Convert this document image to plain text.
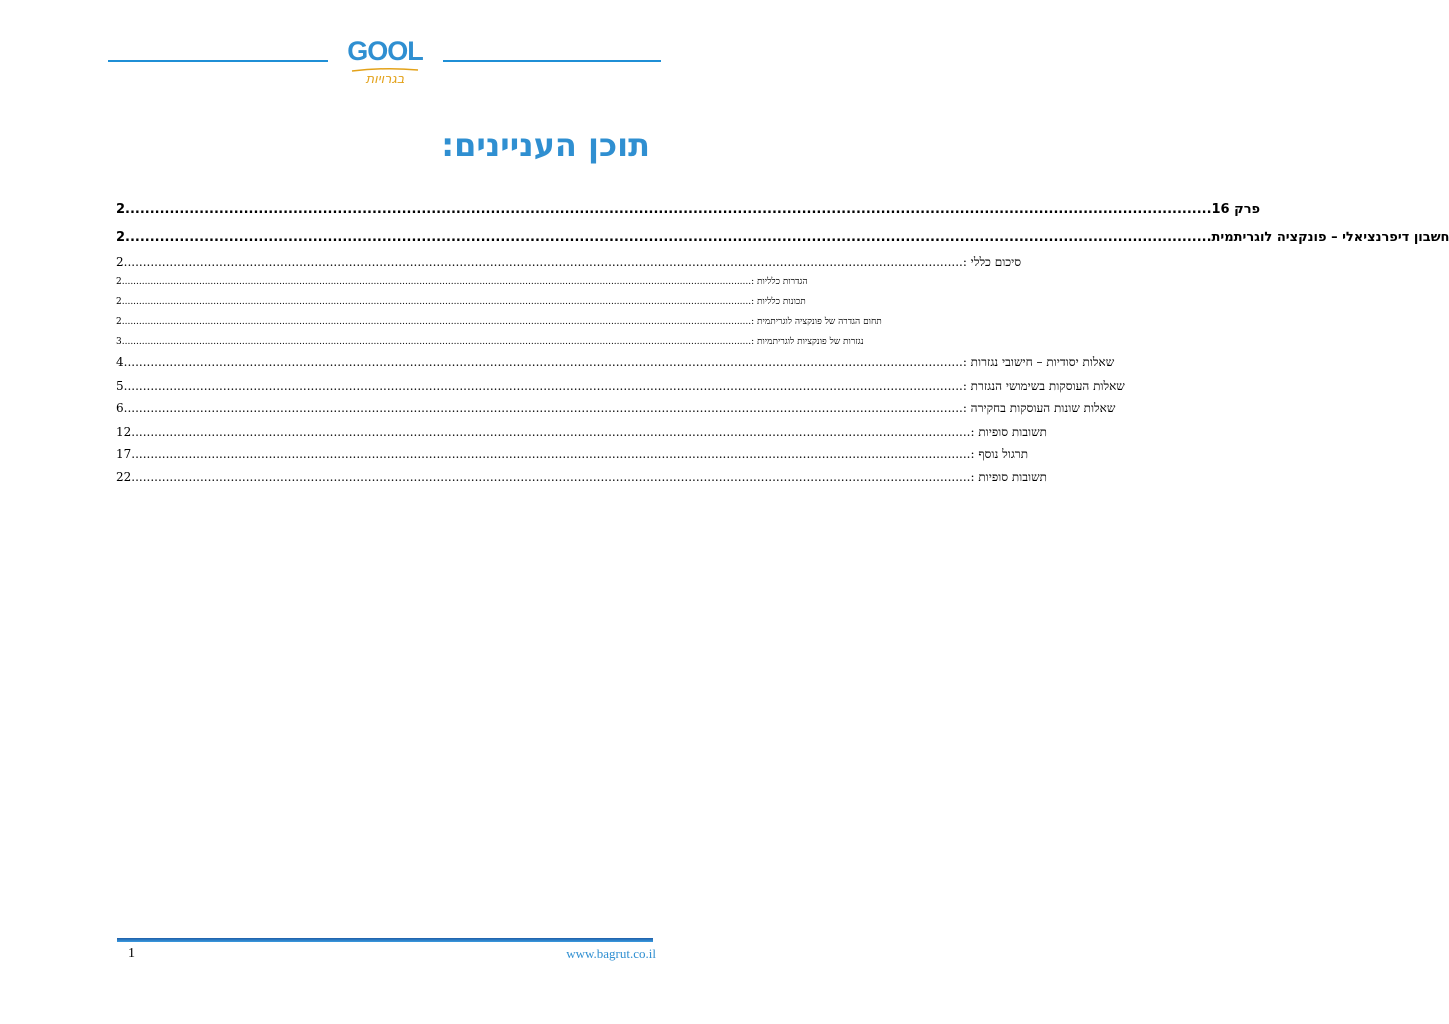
GOOL
בגרויות
תוכן העניינים:
2 ............................................................................................................................................................................................................................ פרק 16
2 ............................................................................................................................................................................................................................ חשבון דיפרנציאלי – פונקציה לוגריתמית
2 ............................................................................................................................................................................................................................ סיכום כללי :
2 ............................................................................................................................................................................................................................ הגדרות כלליות :
2 ............................................................................................................................................................................................................................ תכונות כלליות :
2 ............................................................................................................................................................................................................................ תחום הגדרה של פונקציה לוגריתמית :
3 ............................................................................................................................................................................................................................ נגזרות של פונקציות לוגריתמיות :
4 ............................................................................................................................................................................................................................ שאלות יסודיות – חישובי נגזרות :
5 ............................................................................................................................................................................................................................ שאלות העוסקות בשימושי הנגזרת :
6 ............................................................................................................................................................................................................................ שאלות שונות העוסקות בחקירה :
12 ............................................................................................................................................................................................................................ תשובות סופיות :
17 ............................................................................................................................................................................................................................ תרגול נוסף :
22 ............................................................................................................................................................................................................................ תשובות סופיות :
1	www.bagrut.co.il
